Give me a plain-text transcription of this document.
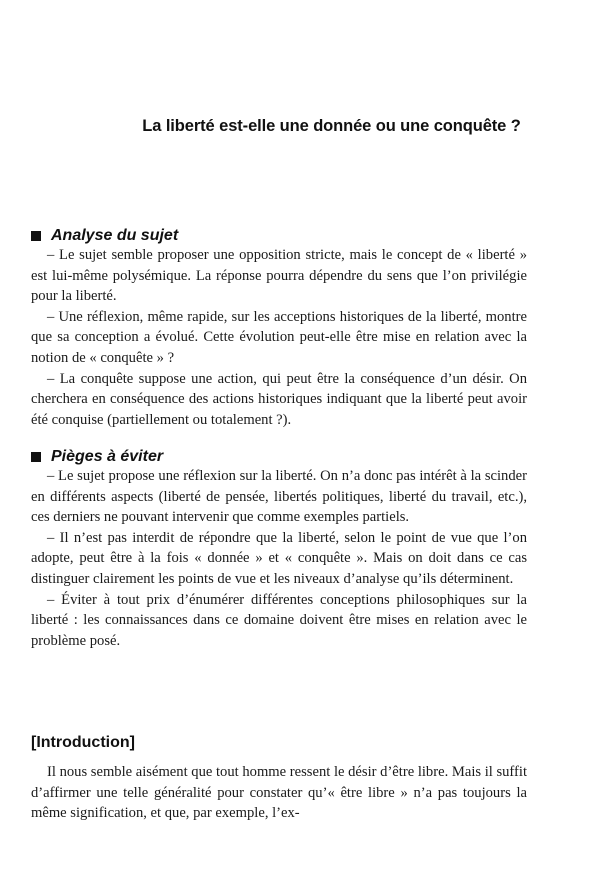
La liberté est-elle une donnée ou une conquête ?
Analyse du sujet

– Le sujet semble proposer une opposition stricte, mais le concept de « liberté » est lui-même polysémique. La réponse pourra dépendre du sens que l’on privilégie pour la liberté.

– Une réflexion, même rapide, sur les acceptions historiques de la liberté, montre que sa conception a évolué. Cette évolution peut-elle être mise en relation avec la notion de « conquête » ?

– La conquête suppose une action, qui peut être la conséquence d’un désir. On cherchera en conséquence des actions historiques indiquant que la liberté peut avoir été conquise (partiellement ou totalement ?).

Pièges à éviter

– Le sujet propose une réflexion sur la liberté. On n’a donc pas intérêt à la scinder en différents aspects (liberté de pensée, libertés politiques, liberté du travail, etc.), ces derniers ne pouvant intervenir que comme exemples partiels.

– Il n’est pas interdit de répondre que la liberté, selon le point de vue que l’on adopte, peut être à la fois « donnée » et « conquête ». Mais on doit dans ce cas distinguer clairement les points de vue et les niveaux d’analyse qu’ils déterminent.

– Éviter à tout prix d’énumérer différentes conceptions philosophiques sur la liberté : les connaissances dans ce domaine doivent être mises en relation avec le problème posé.

[Introduction]

Il nous semble aisément que tout homme ressent le désir d’être libre. Mais il suffit d’affirmer une telle généralité pour constater qu’« être libre » n’a pas toujours la même signification, et que, par exemple, l’ex-
